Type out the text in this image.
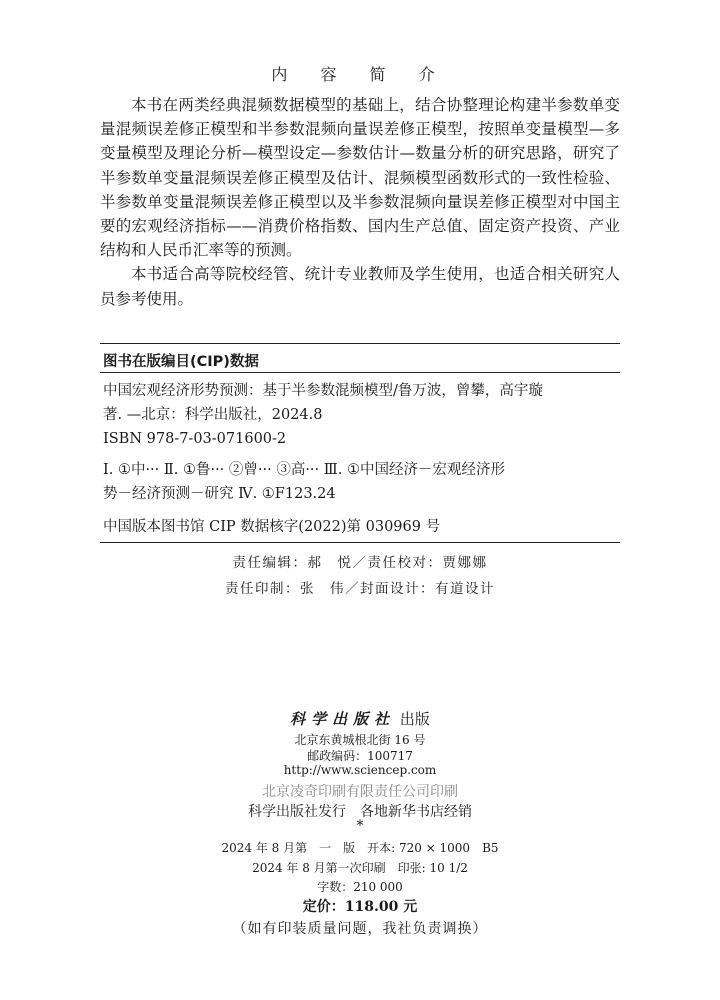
内 容 简 介

本书在两类经典混频数据模型的基础上，结合协整理论构建半参数单变量混频误差修正模型和半参数混频向量误差修正模型，按照单变量模型—多变量模型及理论分析—模型设定—参数估计—数量分析的研究思路，研究了半参数单变量混频误差修正模型及估计、混频模型函数形式的一致性检验、半参数单变量混频误差修正模型以及半参数混频向量误差修正模型对中国主要的宏观经济指标——消费价格指数、国内生产总值、固定资产投资、产业结构和人民币汇率等的预测。

本书适合高等院校经管、统计专业教师及学生使用，也适合相关研究人员参考使用。

图书在版编目(CIP)数据

中国宏观经济形势预测：基于半参数混频模型/鲁万波，曾攀，高宇璇

著. —北京：科学出版社，2024.8

ISBN 978-7-03-071600-2

Ⅰ. ①中··· Ⅱ. ①鲁··· ②曾··· ③高··· Ⅲ. ①中国经济－宏观经济形

势－经济预测－研究 Ⅳ. ①F123.24

中国版本图书馆 CIP 数据核字(2022)第 030969 号

责任编辑：郝　悦／责任校对：贾娜娜
责任印制：张　伟／封面设计：有道设计
科学出版社 出版
北京东黄城根北街 16 号
邮政编码：100717
http://www.sciencep.com
北京凌奇印刷有限责任公司印刷
科学出版社发行　各地新华书店经销
*
2024 年 8 月第　一　版　开本: 720 × 1000　B5
2024 年 8 月第一次印刷　印张: 10 1/2
字数：210 000
定价：118.00 元
（如有印装质量问题，我社负责调换）
